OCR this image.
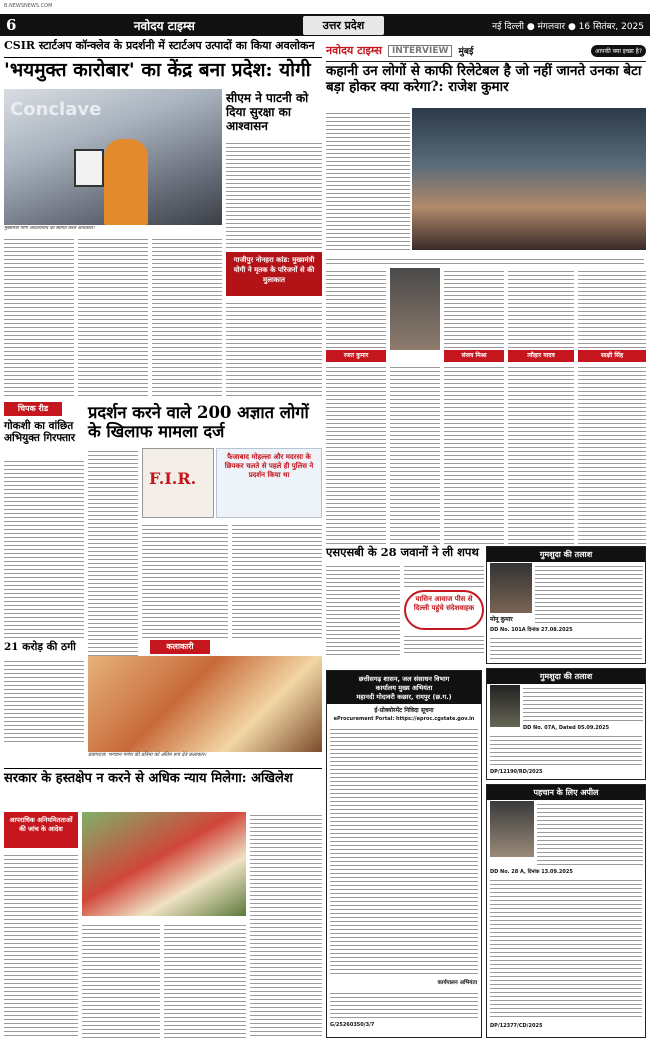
B.NEWSNEWS.COM
6	नवोदय टाइम्स	उत्तर प्रदेश	नई दिल्ली ● मंगलवार ● 16 सितंबर, 2025
CSIR स्टार्टअप कॉन्क्लेव के प्रदर्शनी में स्टार्टअप उत्पादों का किया अवलोकन
'भयमुक्त कारोबार' का केंद्र बना प्रदेश: योगी
Conclave
मुख्यमंत्री योगी आदित्यनाथ का स्वागत करते अधिकारी।
सीएम ने पाटनी को दिया सुरक्षा का आश्वासन
गाजीपुर नोनहरा कांड: मुख्यमंत्री योगी ने मृतक के परिजनों से की मुलाकात
नवोदय टाइम्स	INTERVIEW	मुंबई	आपकी क्या इच्छा है?
कहानी उन लोगों से काफी रिलेटेबल है जो नहीं जानते उनका बेटा बड़ा होकर क्या करेगा?: राजेश कुमार
रजत कुमार	संजय मिश्रा	त्यौहार यादव	साक्षी सिंह
चिपक रीड
गोकशी का वांछित अभियुक्त गिरफ्तार
21 करोड़ की ठगी
प्रदर्शन करने वाले 200 अज्ञात लोगों के खिलाफ मामला दर्ज
F.I.R.
फैजाबाद मोहल्ला और मदरसा के छिपकर चलते से पहले ही पुलिस ने प्रदर्शन किया था
कलाकारी
प्रयागराज: भगवान गणेश की प्रतिमा को अंतिम रूप देते कलाकार।
एसएसबी के 28 जवानों ने ली शपथ
यासिन आवाज पीस से दिल्ली पहुंचे संदेशवाहक
गुमशुदा की तलाश
मोनू कुमार
DD No. 101A दिनांक 27.08.2025
गुमशुदा की तलाश
DD No. 07A, Dated 05.09.2025
DP/12190/RD/2025
छत्तीसगढ़ शासन, जल संसाधन विभाग
कार्यालय मुख्य अभियंता
महानदी गोदावरी कछार, रायपुर (छ.ग.)
ई-प्रोक्योरमेंट निविदा सूचना
eProcurement Portal: https://eproc.cgstate.gov.in
कार्यपालन अभियंता
G/25260350/3/7
पहचान के लिए अपील
DD No. 28 A, दिनांक 13.09.2025
DP/12377/CD/2025
सरकार के हस्तक्षेप न करने से अधिक न्याय मिलेगा: अखिलेश
आपराधिक अनियमितताओं की जांच के आदेश
